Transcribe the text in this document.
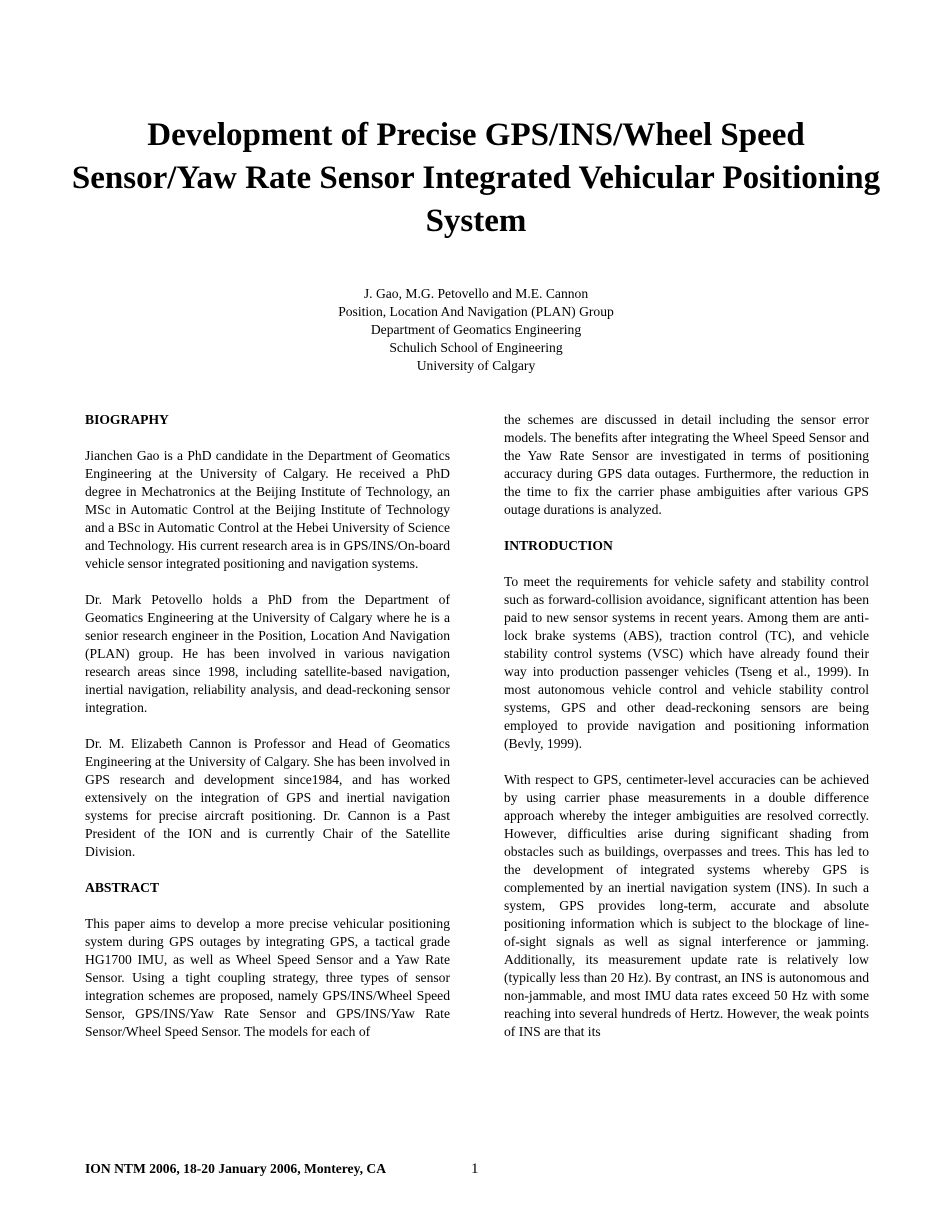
Development of Precise GPS/INS/Wheel Speed Sensor/Yaw Rate Sensor Integrated Vehicular Positioning System
J. Gao, M.G. Petovello and M.E. Cannon
Position, Location And Navigation (PLAN) Group
Department of Geomatics Engineering
Schulich School of Engineering
University of Calgary
BIOGRAPHY

Jianchen Gao is a PhD candidate in the Department of Geomatics Engineering at the University of Calgary. He received a PhD degree in Mechatronics at the Beijing Institute of Technology, an MSc in Automatic Control at the Beijing Institute of Technology and a BSc in Automatic Control at the Hebei University of Science and Technology. His current research area is in GPS/INS/On-board vehicle sensor integrated positioning and navigation systems.

Dr. Mark Petovello holds a PhD from the Department of Geomatics Engineering at the University of Calgary where he is a senior research engineer in the Position, Location And Navigation (PLAN) group. He has been involved in various navigation research areas since 1998, including satellite-based navigation, inertial navigation, reliability analysis, and dead-reckoning sensor integration.

Dr. M. Elizabeth Cannon is Professor and Head of Geomatics Engineering at the University of Calgary. She has been involved in GPS research and development since1984, and has worked extensively on the integration of GPS and inertial navigation systems for precise aircraft positioning. Dr. Cannon is a Past President of the ION and is currently Chair of the Satellite Division.

ABSTRACT

This paper aims to develop a more precise vehicular positioning system during GPS outages by integrating GPS, a tactical grade HG1700 IMU, as well as Wheel Speed Sensor and a Yaw Rate Sensor. Using a tight coupling strategy, three types of sensor integration schemes are proposed, namely GPS/INS/Wheel Speed Sensor, GPS/INS/Yaw Rate Sensor and GPS/INS/Yaw Rate Sensor/Wheel Speed Sensor. The models for each of

the schemes are discussed in detail including the sensor error models. The benefits after integrating the Wheel Speed Sensor and the Yaw Rate Sensor are investigated in terms of positioning accuracy during GPS data outages. Furthermore, the reduction in the time to fix the carrier phase ambiguities after various GPS outage durations is analyzed.

INTRODUCTION

To meet the requirements for vehicle safety and stability control such as forward-collision avoidance, significant attention has been paid to new sensor systems in recent years. Among them are anti-lock brake systems (ABS), traction control (TC), and vehicle stability control systems (VSC) which have already found their way into production passenger vehicles (Tseng et al., 1999). In most autonomous vehicle control and vehicle stability control systems, GPS and other dead-reckoning sensors are being employed to provide navigation and positioning information (Bevly, 1999).

With respect to GPS, centimeter-level accuracies can be achieved by using carrier phase measurements in a double difference approach whereby the integer ambiguities are resolved correctly. However, difficulties arise during significant shading from obstacles such as buildings, overpasses and trees. This has led to the development of integrated systems whereby GPS is complemented by an inertial navigation system (INS). In such a system, GPS provides long-term, accurate and absolute positioning information which is subject to the blockage of line-of-sight signals as well as signal interference or jamming. Additionally, its measurement update rate is relatively low (typically less than 20 Hz). By contrast, an INS is autonomous and non-jammable, and most IMU data rates exceed 50 Hz with some reaching into several hundreds of Hertz. However, the weak points of INS are that its

ION NTM 2006, 18-20 January 2006, Monterey, CA	1
